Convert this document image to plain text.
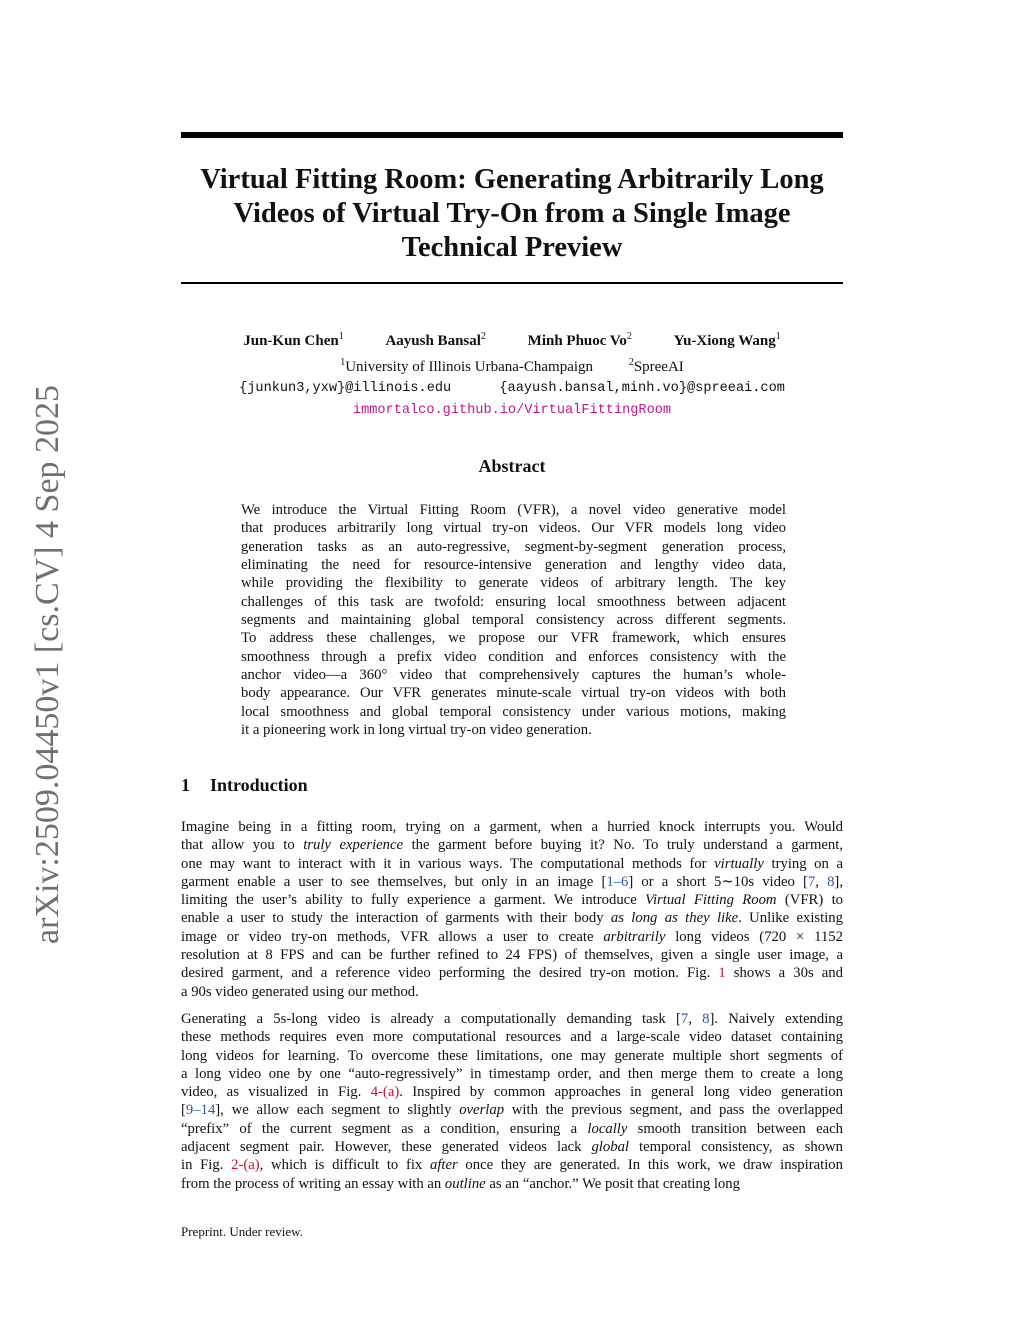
arXiv:2509.04450v1 [cs.CV] 4 Sep 2025
Virtual Fitting Room: Generating Arbitrarily Long
Videos of Virtual Try-On from a Single Image
Technical Preview
Jun-Kun Chen$^1$	Aayush Bansal$^2$	Minh Phuoc Vo$^2$	Yu-Xiong Wang$^1$
$^1$University of Illinois Urbana-Champaign	$^2$SpreeAI
{junkun3,yxw}@illinois.edu	{aayush.bansal,minh.vo}@spreeai.com
immortalco.github.io/VirtualFittingRoom
Abstract
We introduce the Virtual Fitting Room (VFR), a novel video generative model
that produces arbitrarily long virtual try-on videos. Our VFR models long video
generation tasks as an auto-regressive, segment-by-segment generation process,
eliminating the need for resource-intensive generation and lengthy video data,
while providing the flexibility to generate videos of arbitrary length. The key
challenges of this task are twofold: ensuring local smoothness between adjacent
segments and maintaining global temporal consistency across different segments.
To address these challenges, we propose our VFR framework, which ensures
smoothness through a prefix video condition and enforces consistency with the
anchor video—a 360° video that comprehensively captures the human’s whole-
body appearance. Our VFR generates minute-scale virtual try-on videos with both
local smoothness and global temporal consistency under various motions, making
it a pioneering work in long virtual try-on video generation.
1 Introduction
Imagine being in a fitting room, trying on a garment, when a hurried knock interrupts you. Would
that allow you to truly experience the garment before buying it? No. To truly understand a garment,
one may want to interact with it in various ways. The computational methods for virtually trying on a
garment enable a user to see themselves, but only in an image [1–6] or a short 5∼10s video [7, 8],
limiting the user’s ability to fully experience a garment. We introduce Virtual Fitting Room (VFR) to
enable a user to study the interaction of garments with their body as long as they like. Unlike existing
image or video try-on methods, VFR allows a user to create arbitrarily long videos (720 × 1152
resolution at 8 FPS and can be further refined to 24 FPS) of themselves, given a single user image, a
desired garment, and a reference video performing the desired try-on motion. Fig. 1 shows a 30s and
a 90s video generated using our method.
Generating a 5s-long video is already a computationally demanding task [7, 8]. Naively extending
these methods requires even more computational resources and a large-scale video dataset containing
long videos for learning. To overcome these limitations, one may generate multiple short segments of
a long video one by one “auto-regressively” in timestamp order, and then merge them to create a long
video, as visualized in Fig. 4-(a). Inspired by common approaches in general long video generation
[9–14], we allow each segment to slightly overlap with the previous segment, and pass the overlapped
“prefix” of the current segment as a condition, ensuring a locally smooth transition between each
adjacent segment pair. However, these generated videos lack global temporal consistency, as shown
in Fig. 2-(a), which is difficult to fix after once they are generated. In this work, we draw inspiration
from the process of writing an essay with an outline as an “anchor.” We posit that creating long
Preprint. Under review.
